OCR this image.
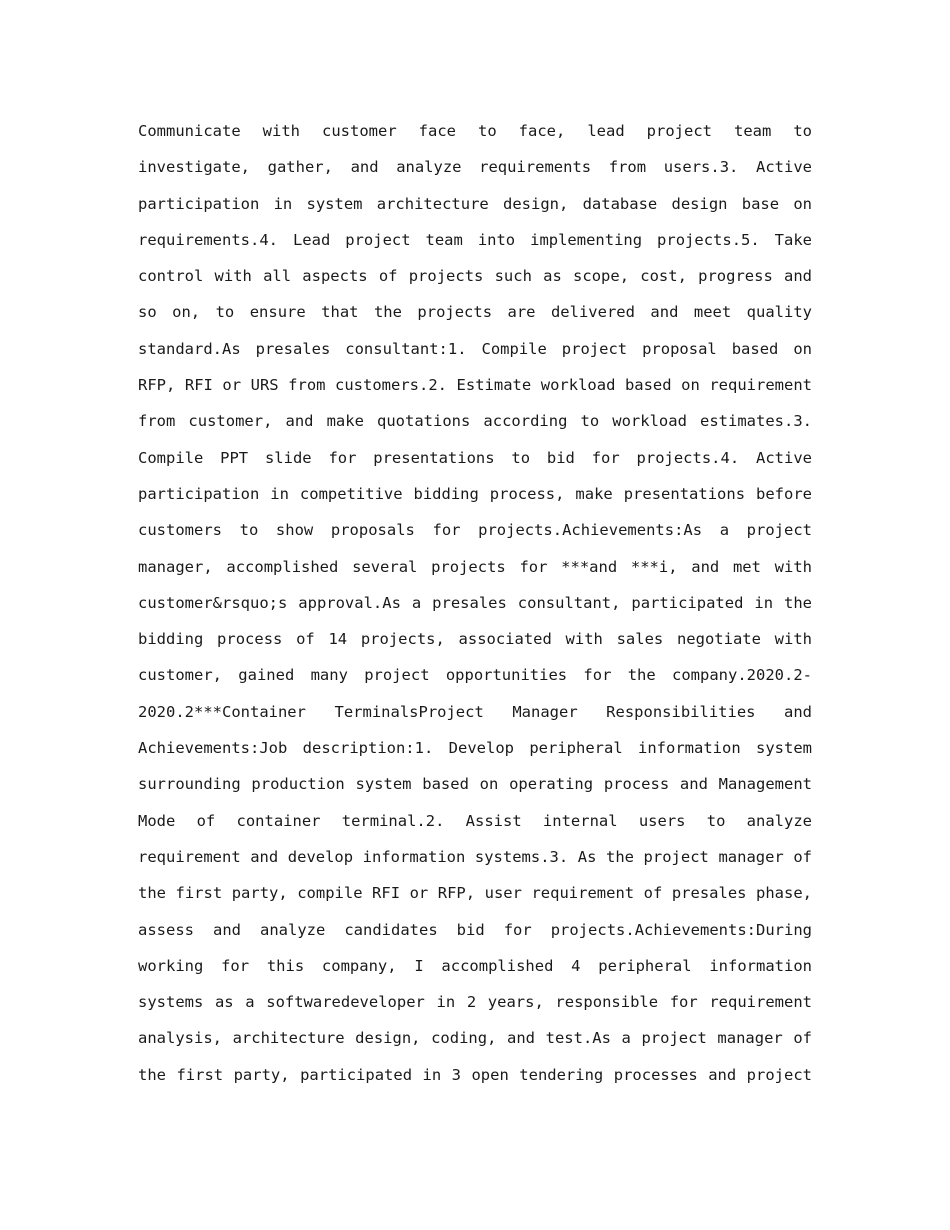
Communicate with customer face to face, lead project team to
investigate, gather, and analyze requirements from users.3. Active
participation in system architecture design, database design base on
requirements.4. Lead project team into implementing projects.5. Take
control with all aspects of projects such as scope, cost, progress and
so on, to ensure that the projects are delivered and meet quality
standard.As presales consultant:1. Compile project proposal based on
RFP, RFI or URS from customers.2. Estimate workload based on requirement
from customer, and make quotations according to workload estimates.3.
Compile PPT slide for presentations to bid for projects.4. Active
participation in competitive bidding process, make presentations before
customers to show proposals for projects.Achievements:As a project
manager, accomplished several projects for ***and ***i, and met with
customer&rsquo;s approval.As a presales consultant, participated in the
bidding process of 14 projects, associated with sales negotiate with
customer, gained many project opportunities for the company.2020.2-
2020.2***Container TerminalsProject Manager Responsibilities and
Achievements:Job description:1. Develop peripheral information system
surrounding production system based on operating process and Management
Mode of container terminal.2. Assist internal users to analyze
requirement and develop information systems.3. As the project manager of
the first party, compile RFI or RFP, user requirement of presales phase,
assess and analyze candidates bid for projects.Achievements:During
working for this company, I accomplished 4 peripheral information
systems as a softwaredeveloper in 2 years, responsible for requirement
analysis, architecture design, coding, and test.As a project manager of
the first party, participated in 3 open tendering processes and project
